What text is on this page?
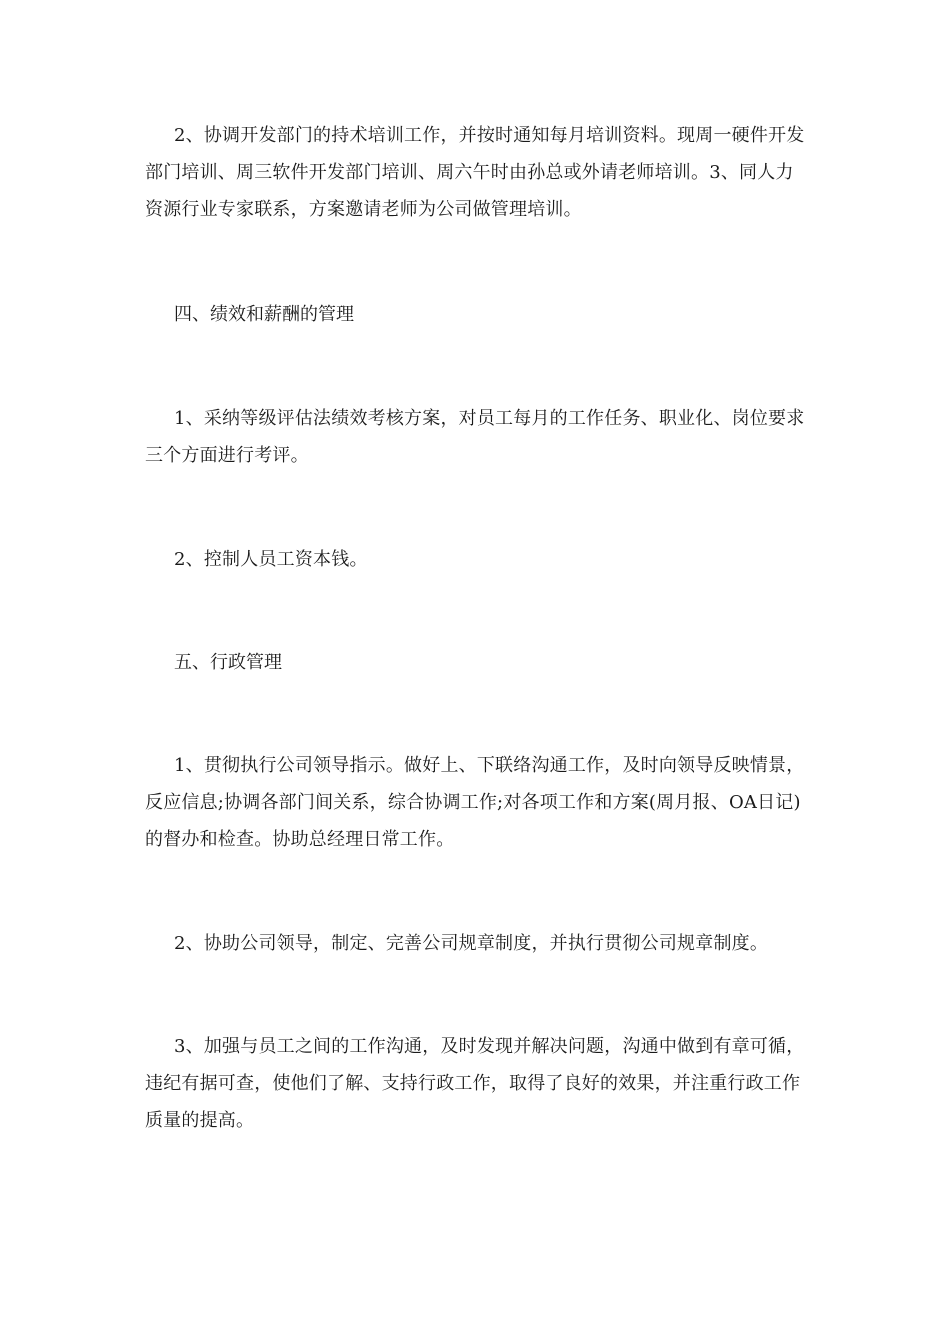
2、协调开发部门的持术培训工作，并按时通知每月培训资料。现周一硬件开发部门培训、周三软件开发部门培训、周六午时由孙总或外请老师培训。3、同人力资源行业专家联系，方案邀请老师为公司做管理培训。

四、绩效和薪酬的管理

1、采纳等级评估法绩效考核方案，对员工每月的工作任务、职业化、岗位要求三个方面进行考评。

2、控制人员工资本钱。

五、行政管理

1、贯彻执行公司领导指示。做好上、下联络沟通工作，及时向领导反映情景，反应信息;协调各部门间关系，综合协调工作;对各项工作和方案(周月报、OA日记)的督办和检查。协助总经理日常工作。

2、协助公司领导，制定、完善公司规章制度，并执行贯彻公司规章制度。

3、加强与员工之间的工作沟通，及时发现并解决问题，沟通中做到有章可循，违纪有据可查，使他们了解、支持行政工作，取得了良好的效果，并注重行政工作质量的提高。
